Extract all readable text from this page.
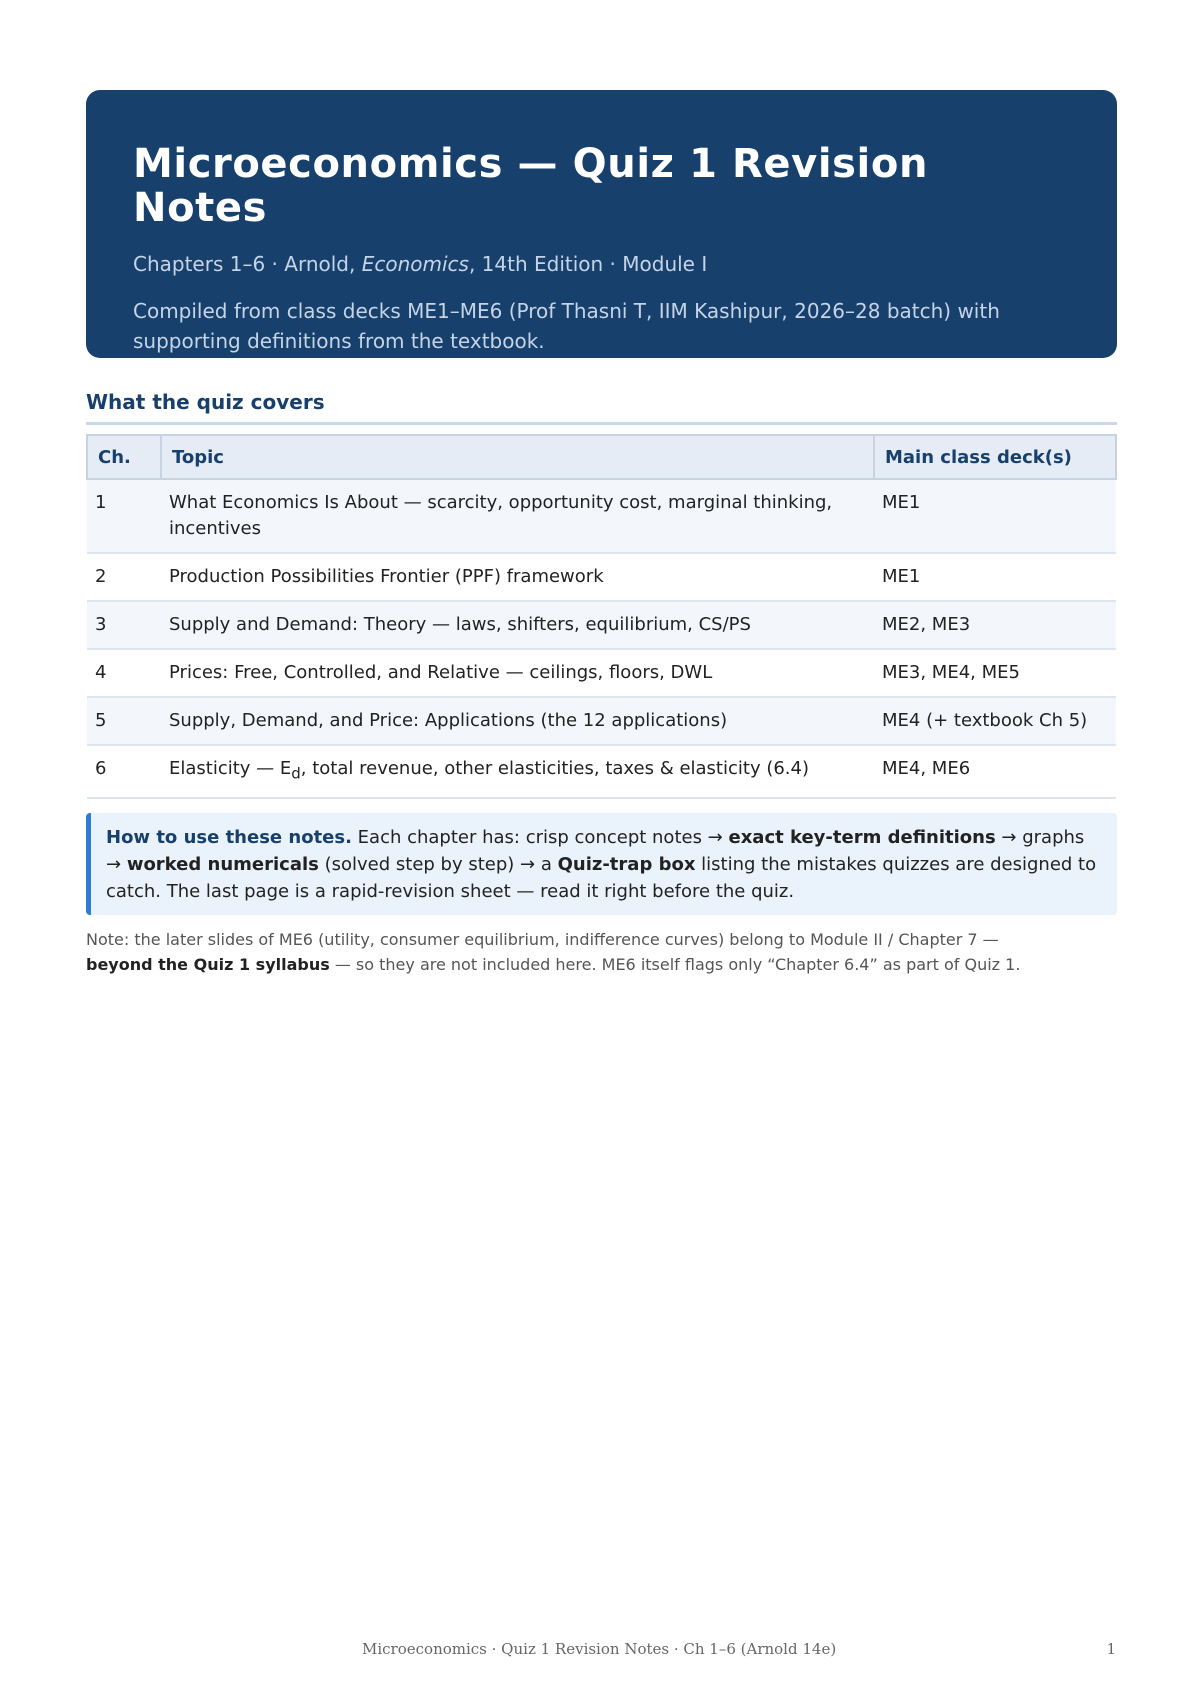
Microeconomics — Quiz 1 Revision Notes
Chapters 1–6 · Arnold, Economics, 14th Edition · Module I
Compiled from class decks ME1–ME6 (Prof Thasni T, IIM Kashipur, 2026–28 batch) with
supporting definitions from the textbook.
What the quiz covers
Ch.	Topic	Main class deck(s)
1	What Economics Is About — scarcity, opportunity cost, marginal thinking, incentives	ME1
2	Production Possibilities Frontier (PPF) framework	ME1
3	Supply and Demand: Theory — laws, shifters, equilibrium, CS/PS	ME2, ME3
4	Prices: Free, Controlled, and Relative — ceilings, floors, DWL	ME3, ME4, ME5
5	Supply, Demand, and Price: Applications (the 12 applications)	ME4 (+ textbook Ch 5)
6	Elasticity — $E_d$, total revenue, other elasticities, taxes & elasticity (6.4)	ME4, ME6
How to use these notes. Each chapter has: crisp concept notes → exact key-term definitions → graphs → worked numericals (solved step by step) → a Quiz-trap box listing the mistakes quizzes are designed to catch. The last page is a rapid-revision sheet — read it right before the quiz.
Note: the later slides of ME6 (utility, consumer equilibrium, indifference curves) belong to Module II / Chapter 7 —
beyond the Quiz 1 syllabus — so they are not included here. ME6 itself flags only “Chapter 6.4” as part of Quiz 1.
Microeconomics · Quiz 1 Revision Notes · Ch 1–6 (Arnold 14e)	1
